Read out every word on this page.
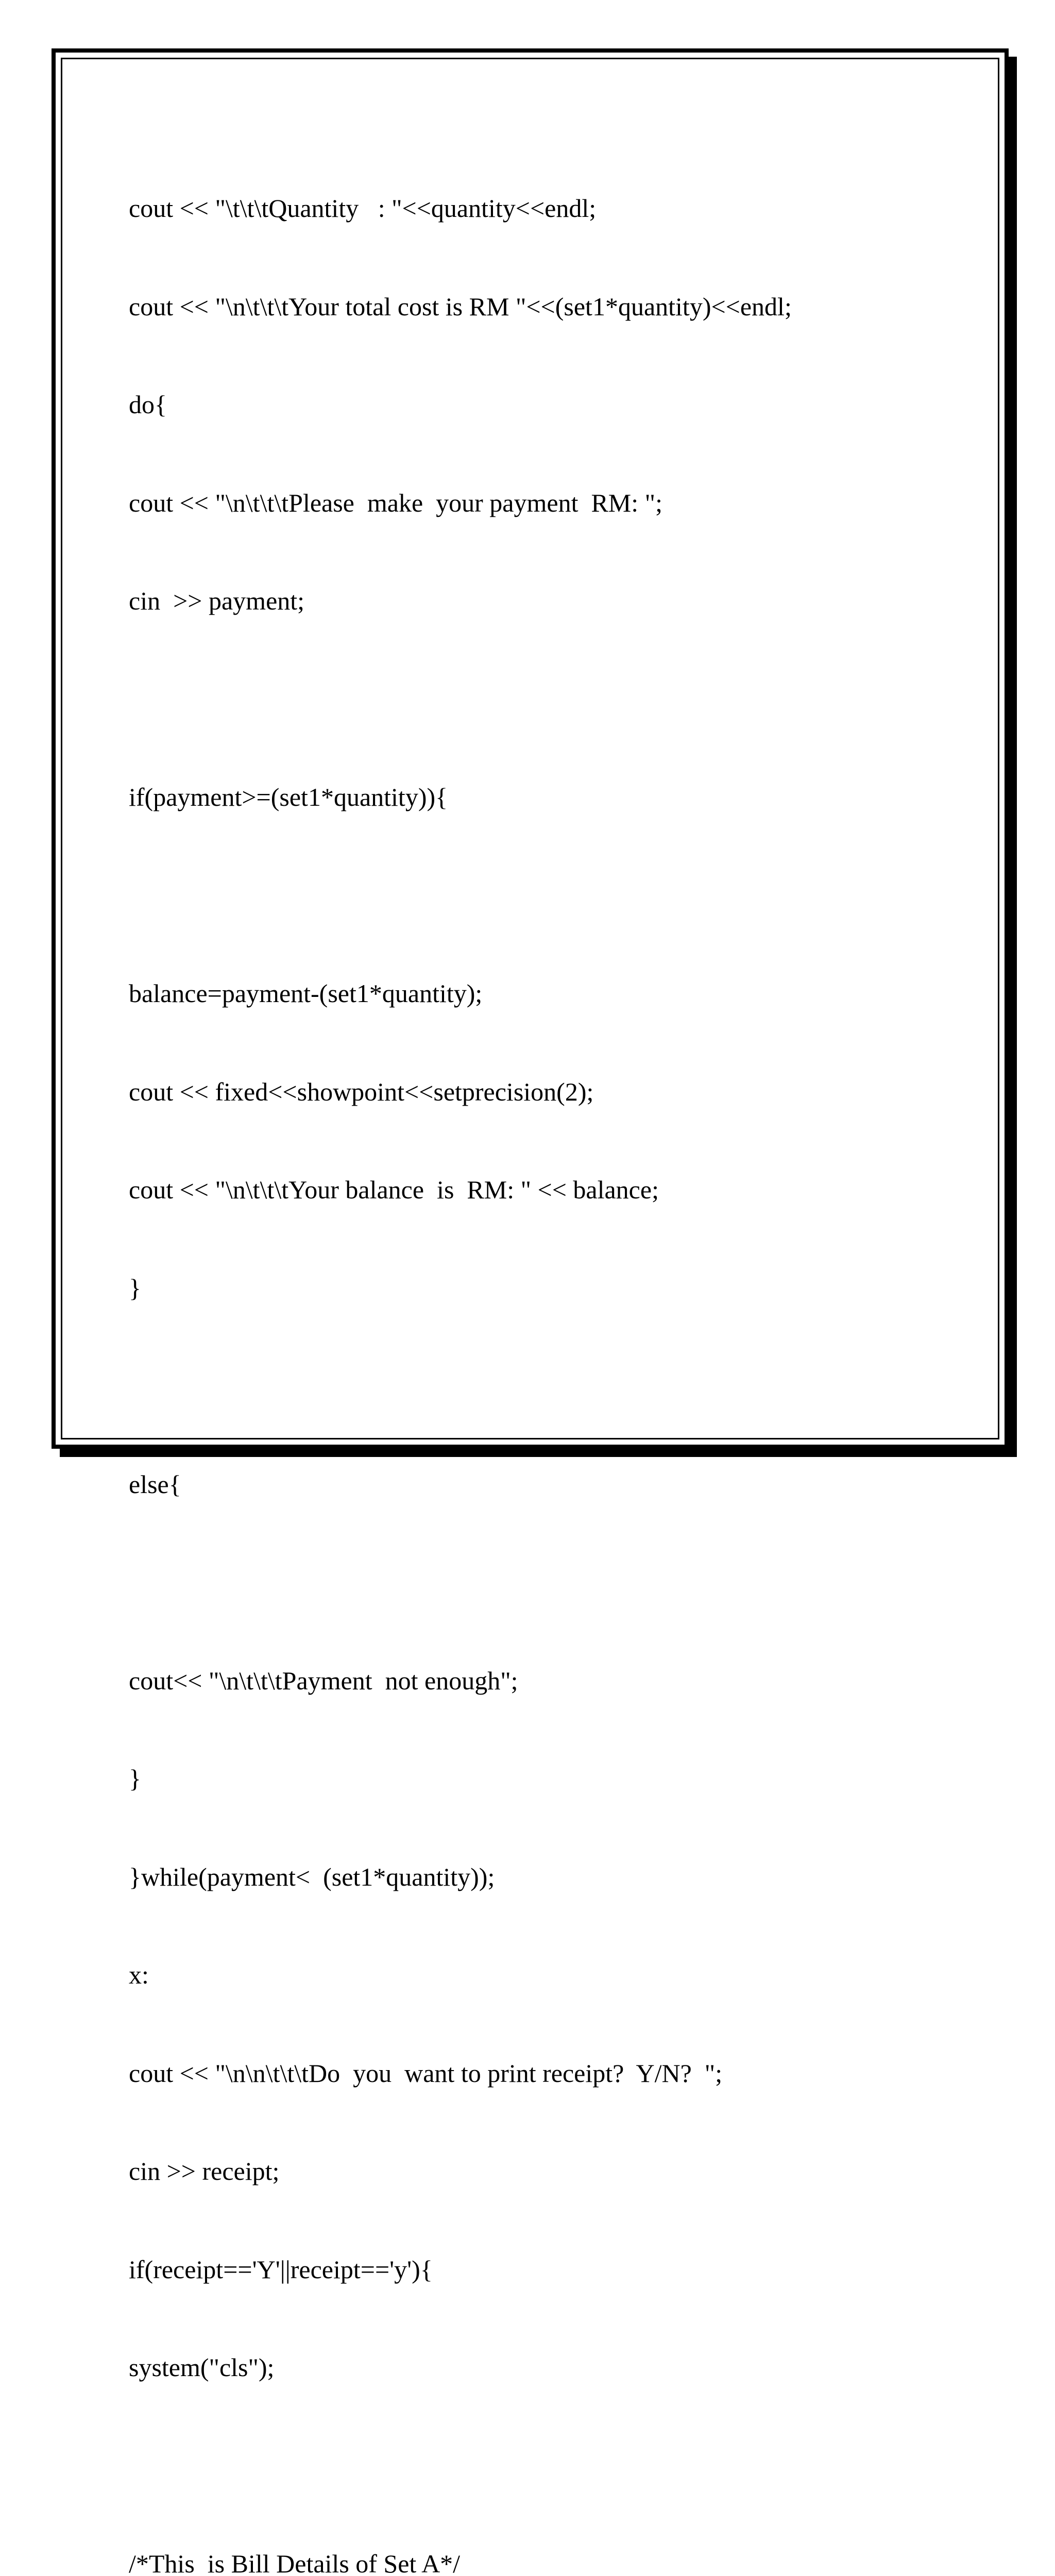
cout << "\t\t\tQuantity   : "<<quantity<<endl;

cout << "\n\t\t\tYour total cost is RM "<<(set1*quantity)<<endl;

do{

cout << "\n\t\t\tPlease  make  your payment  RM: ";

cin  >> payment;

if(payment>=(set1*quantity)){

balance=payment-(set1*quantity);

cout << fixed<<showpoint<<setprecision(2);

cout << "\n\t\t\tYour balance  is  RM: " << balance;

}

else{

cout<< "\n\t\t\tPayment  not enough";

}

}while(payment<  (set1*quantity));

x:

cout << "\n\n\t\t\tDo  you  want to print receipt?  Y/N?  ";

cin >> receipt;

if(receipt=='Y'||receipt=='y'){

system("cls");

/*This  is Bill Details of Set A*/
